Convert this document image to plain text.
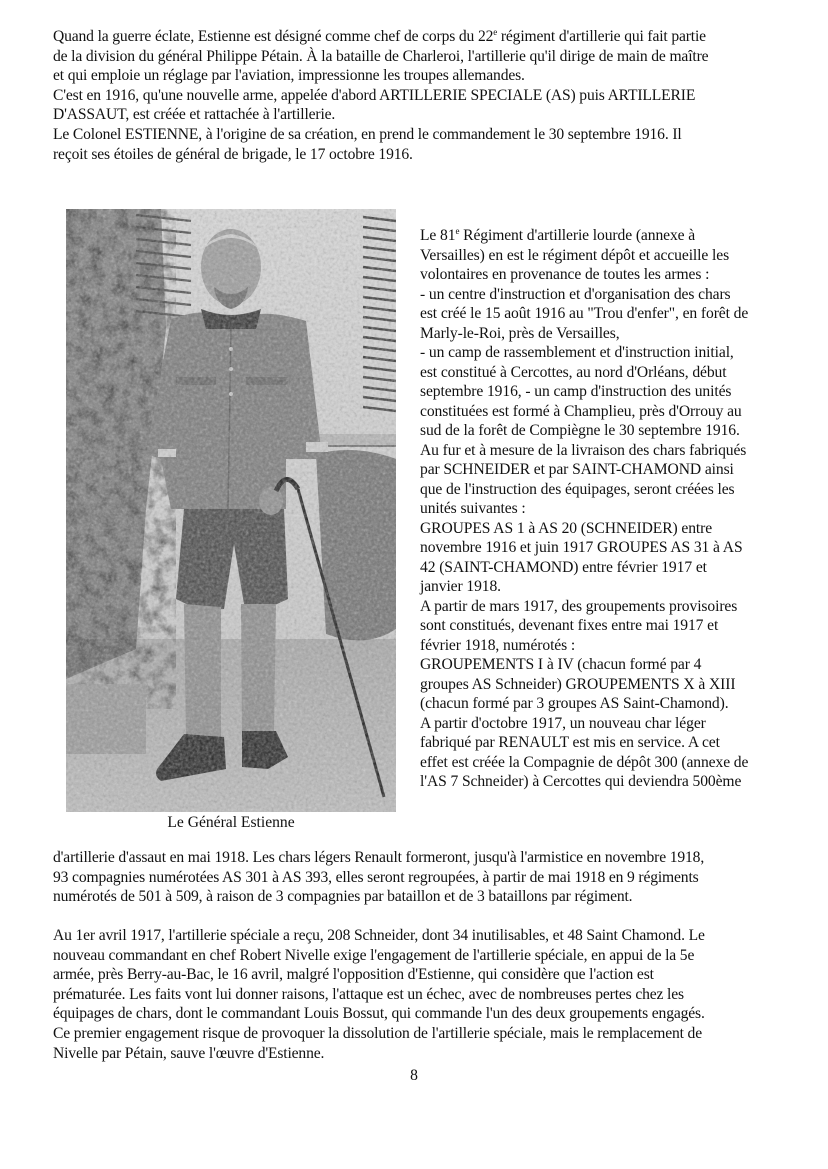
Quand la guerre éclate, Estienne est désigné comme chef de corps du 22e régiment d'artillerie qui fait partie
de la division du général Philippe Pétain. À la bataille de Charleroi, l'artillerie qu'il dirige de main de maître
et qui emploie un réglage par l'aviation, impressionne les troupes allemandes.
C'est en 1916, qu'une nouvelle arme, appelée d'abord ARTILLERIE SPECIALE (AS) puis ARTILLERIE
D'ASSAUT, est créée et rattachée à l'artillerie.
Le Colonel ESTIENNE, à l'origine de sa création, en prend le commandement le 30 septembre 1916. Il
reçoit ses étoiles de général de brigade, le 17 octobre 1916.
Le Général Estienne
Le 81e Régiment d'artillerie lourde (annexe à
Versailles) en est le régiment dépôt et accueille les
volontaires en provenance de toutes les armes :
- un centre d'instruction et d'organisation des chars
est créé le 15 août 1916 au "Trou d'enfer", en forêt de
Marly-le-Roi, près de Versailles,
- un camp de rassemblement et d'instruction initial,
est constitué à Cercottes, au nord d'Orléans, début
septembre 1916, - un camp d'instruction des unités
constituées est formé à Champlieu, près d'Orrouy au
sud de la forêt de Compiègne le 30 septembre 1916.
Au fur et à mesure de la livraison des chars fabriqués
par SCHNEIDER et par SAINT-CHAMOND ainsi
que de l'instruction des équipages, seront créées les
unités suivantes :
GROUPES AS 1 à AS 20 (SCHNEIDER) entre
novembre 1916 et juin 1917 GROUPES AS 31 à AS
42 (SAINT-CHAMOND) entre février 1917 et
janvier 1918.
A partir de mars 1917, des groupements provisoires
sont constitués, devenant fixes entre mai 1917 et
février 1918, numérotés :
GROUPEMENTS I à IV (chacun formé par 4
groupes AS Schneider) GROUPEMENTS X à XIII
(chacun formé par 3 groupes AS Saint-Chamond).
A partir d'octobre 1917, un nouveau char léger
fabriqué par RENAULT est mis en service. A cet
effet est créée la Compagnie de dépôt 300 (annexe de
l'AS 7 Schneider) à Cercottes qui deviendra 500ème
d'artillerie d'assaut en mai 1918. Les chars légers Renault formeront, jusqu'à l'armistice en novembre 1918,
93 compagnies numérotées AS 301 à AS 393, elles seront regroupées, à partir de mai 1918 en 9 régiments
numérotés de 501 à 509, à raison de 3 compagnies par bataillon et de 3 bataillons par régiment.
Au 1er avril 1917, l'artillerie spéciale a reçu, 208 Schneider, dont 34 inutilisables, et 48 Saint Chamond. Le
nouveau commandant en chef Robert Nivelle exige l'engagement de l'artillerie spéciale, en appui de la 5e
armée, près Berry-au-Bac, le 16 avril, malgré l'opposition d'Estienne, qui considère que l'action est
prématurée. Les faits vont lui donner raisons, l'attaque est un échec, avec de nombreuses pertes chez les
équipages de chars, dont le commandant Louis Bossut, qui commande l'un des deux groupements engagés.
Ce premier engagement risque de provoquer la dissolution de l'artillerie spéciale, mais le remplacement de
Nivelle par Pétain, sauve l'œuvre d'Estienne.
8
